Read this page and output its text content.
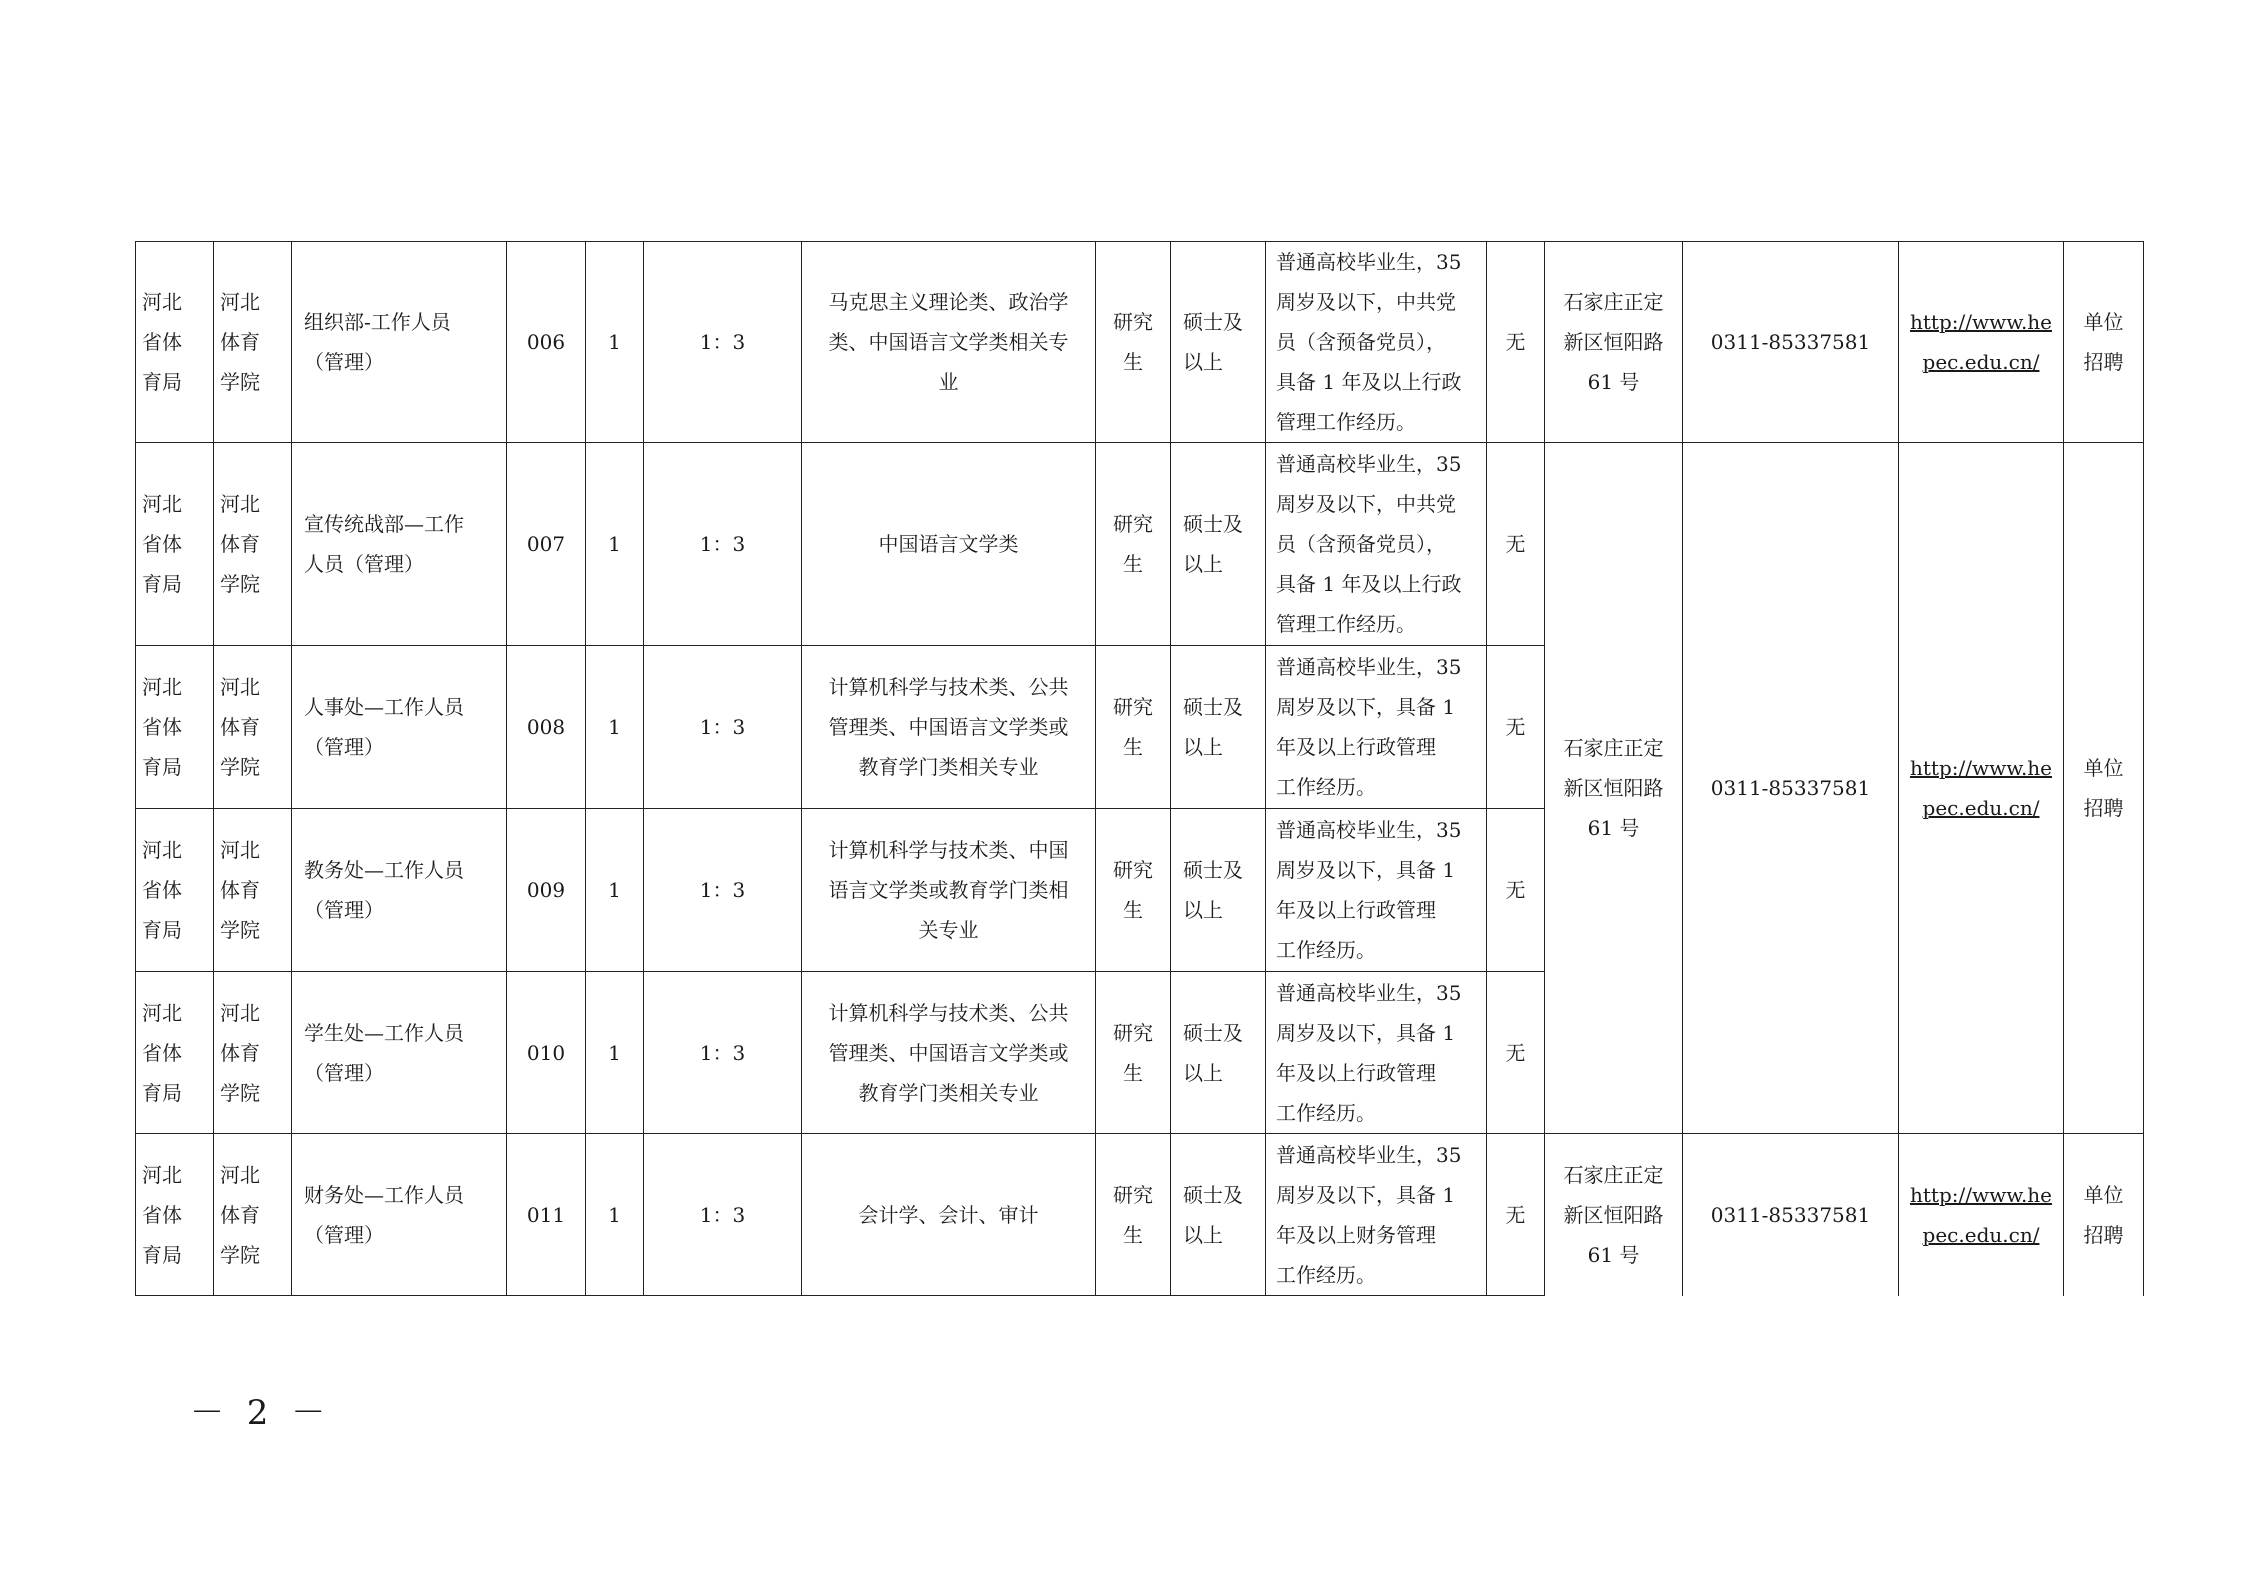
河北
省体
育局	河北
体育
学院	组织部-工作人员
（管理）	006	1	1：3	马克思主义理论类、政治学
类、中国语言文学类相关专
业	研究
生	硕士及
以上	普通高校毕业生，35
周岁及以下，中共党
员（含预备党员），
具备 1 年及以上行政
管理工作经历。	无	石家庄正定
新区恒阳路
61 号	0311-85337581	http://www.hepec.edu.cn/	单位
招聘

河北
省体
育局	河北
体育
学院	宣传统战部—工作
人员（管理）	007	1	1：3	中国语言文学类	研究
生	硕士及
以上	普通高校毕业生，35
周岁及以下，中共党
员（含预备党员），
具备 1 年及以上行政
管理工作经历。	无	石家庄正定
新区恒阳路
61 号	0311-85337581	http://www.hepec.edu.cn/	单位
招聘

河北
省体
育局	河北
体育
学院	人事处—工作人员
（管理）	008	1	1：3	计算机科学与技术类、公共
管理类、中国语言文学类或
教育学门类相关专业	研究
生	硕士及
以上	普通高校毕业生，35
周岁及以下，具备 1
年及以上行政管理
工作经历。	无				

河北
省体
育局	河北
体育
学院	教务处—工作人员
（管理）	009	1	1：3	计算机科学与技术类、中国
语言文学类或教育学门类相
关专业	研究
生	硕士及
以上	普通高校毕业生，35
周岁及以下，具备 1
年及以上行政管理
工作经历。	无				

河北
省体
育局	河北
体育
学院	学生处—工作人员
（管理）	010	1	1：3	计算机科学与技术类、公共
管理类、中国语言文学类或
教育学门类相关专业	研究
生	硕士及
以上	普通高校毕业生，35
周岁及以下，具备 1
年及以上行政管理
工作经历。	无				

河北
省体
育局	河北
体育
学院	财务处—工作人员
（管理）	011	1	1：3	会计学、会计、审计	研究
生	硕士及
以上	普通高校毕业生，35
周岁及以下，具备 1
年及以上财务管理
工作经历。	无	石家庄正定
新区恒阳路
61 号	0311-85337581	http://www.hepec.edu.cn/	单位
招聘
－ 2 －
